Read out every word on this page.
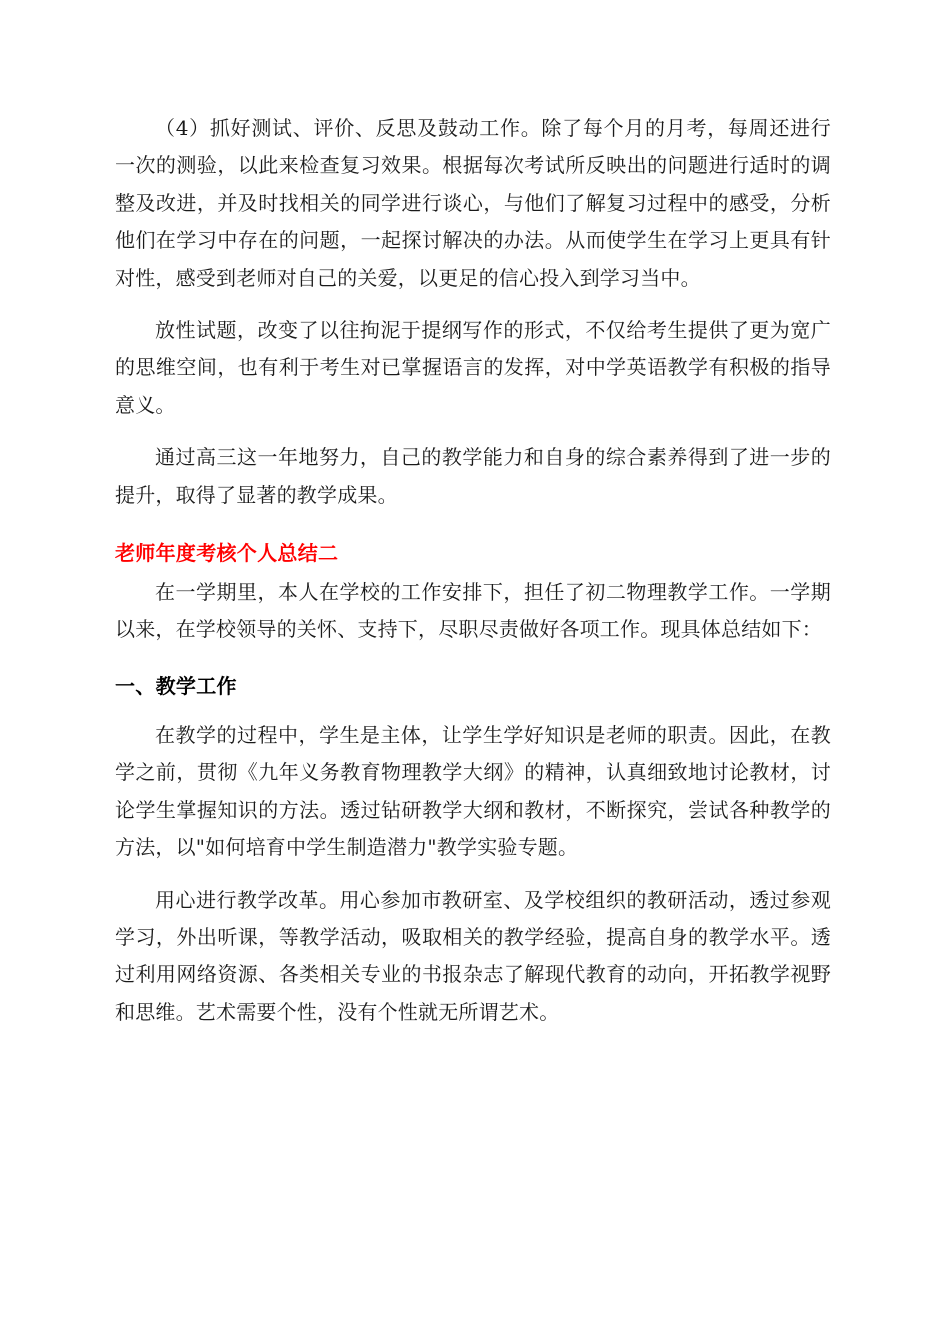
（4）抓好测试、评价、反思及鼓动工作。除了每个月的月考，每周还进行一次的测验，以此来检查复习效果。根据每次考试所反映出的问题进行适时的调整及改进，并及时找相关的同学进行谈心，与他们了解复习过程中的感受，分析他们在学习中存在的问题，一起探讨解决的办法。从而使学生在学习上更具有针对性，感受到老师对自己的关爱，以更足的信心投入到学习当中。

放性试题，改变了以往拘泥于提纲写作的形式，不仅给考生提供了更为宽广的思维空间，也有利于考生对已掌握语言的发挥，对中学英语教学有积极的指导意义。

通过高三这一年地努力，自己的教学能力和自身的综合素养得到了进一步的提升，取得了显著的教学成果。

老师年度考核个人总结二

在一学期里，本人在学校的工作安排下，担任了初二物理教学工作。一学期以来，在学校领导的关怀、支持下，尽职尽责做好各项工作。现具体总结如下：

一、教学工作

在教学的过程中，学生是主体，让学生学好知识是老师的职责。因此，在教学之前，贯彻《九年义务教育物理教学大纲》的精神，认真细致地讨论教材，讨论学生掌握知识的方法。透过钻研教学大纲和教材，不断探究，尝试各种教学的方法，以"如何培育中学生制造潜力"教学实验专题。

用心进行教学改革。用心参加市教研室、及学校组织的教研活动，透过参观学习，外出听课，等教学活动，吸取相关的教学经验，提高自身的教学水平。透过利用网络资源、各类相关专业的书报杂志了解现代教育的动向，开拓教学视野和思维。艺术需要个性，没有个性就无所谓艺术。
